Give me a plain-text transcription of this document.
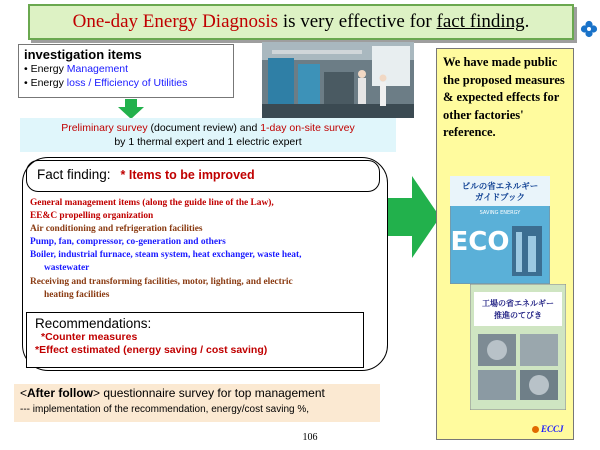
One-day Energy Diagnosis is very effective for fact finding.
investigation items
• Energy Management
• Energy loss / Efficiency of Utilities
Preliminary survey (document review) and 1-day on-site survey
by 1 thermal expert and 1 electric expert
Fact finding: * Items to be improved
General management items (along the guide line of the Law),
EE&C propelling organization
Air conditioning and refrigeration facilities
Pump, fan, compressor, co-generation and others
Boiler, industrial furnace, steam system, heat exchanger, waste heat,
wastewater
Receiving and transforming facilities, motor, lighting, and electric
heating facilities
Recommendations:
*Counter measures
*Effect estimated (energy saving / cost saving)
<After follow> questionnaire survey for top management
--- implementation of the recommendation, energy/cost saving %,
106
We have made public the proposed measures & expected effects for other factories' reference.
ビルの省エネルギー
ガイドブック
SAVING ENERGY
ECO
工場の省エネルギー
推進のてびき
ECCJ
